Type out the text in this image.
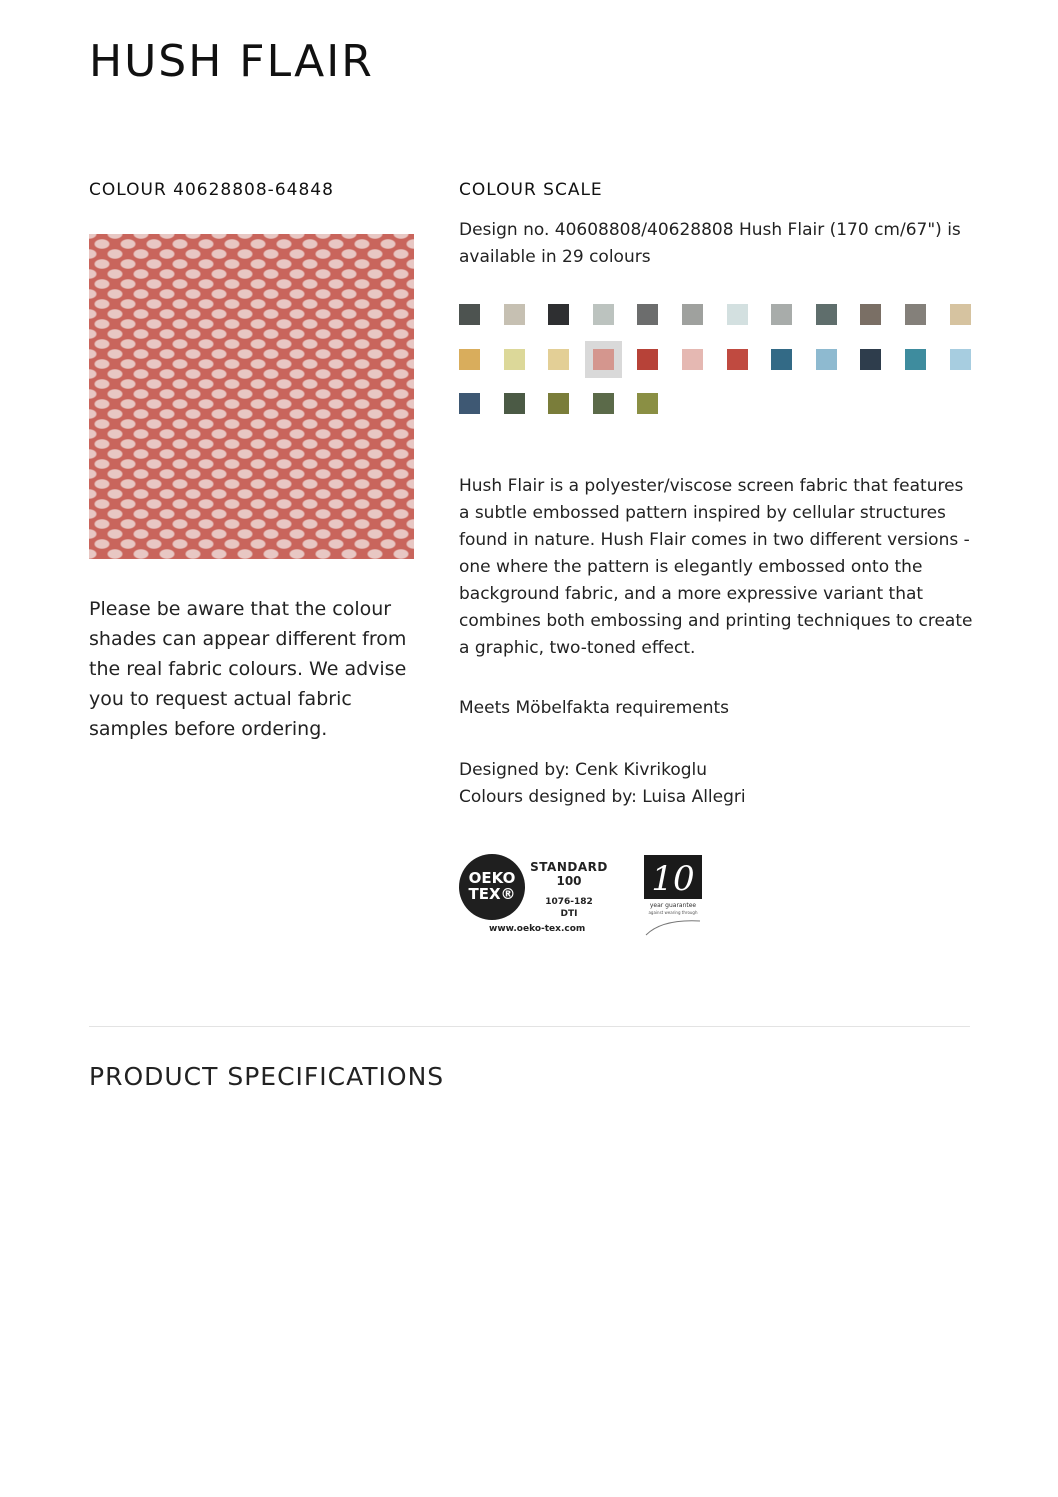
HUSH FLAIR
COLOUR 40628808-64848

Please be aware that the colour shades can appear different from the real fabric colours. We advise you to request actual fabric samples before ordering.

COLOUR SCALE

Design no. 40608808/40628808 Hush Flair (170 cm/67") is available in 29 colours

Hush Flair is a polyester/viscose screen fabric that features a subtle embossed pattern inspired by cellular structures found in nature. Hush Flair comes in two different versions - one where the pattern is elegantly embossed onto the background fabric, and a more expressive variant that combines both embossing and printing techniques to create a graphic, two-toned effect.

Meets Möbelfakta requirements

Designed by: Cenk Kivrikoglu

Colours designed by: Luisa Allegri

OEKO
TEX®
STANDARD
100
1076-182
DTI
www.oeko-tex.com
10
year guarantee
against wearing through
PRODUCT SPECIFICATIONS
